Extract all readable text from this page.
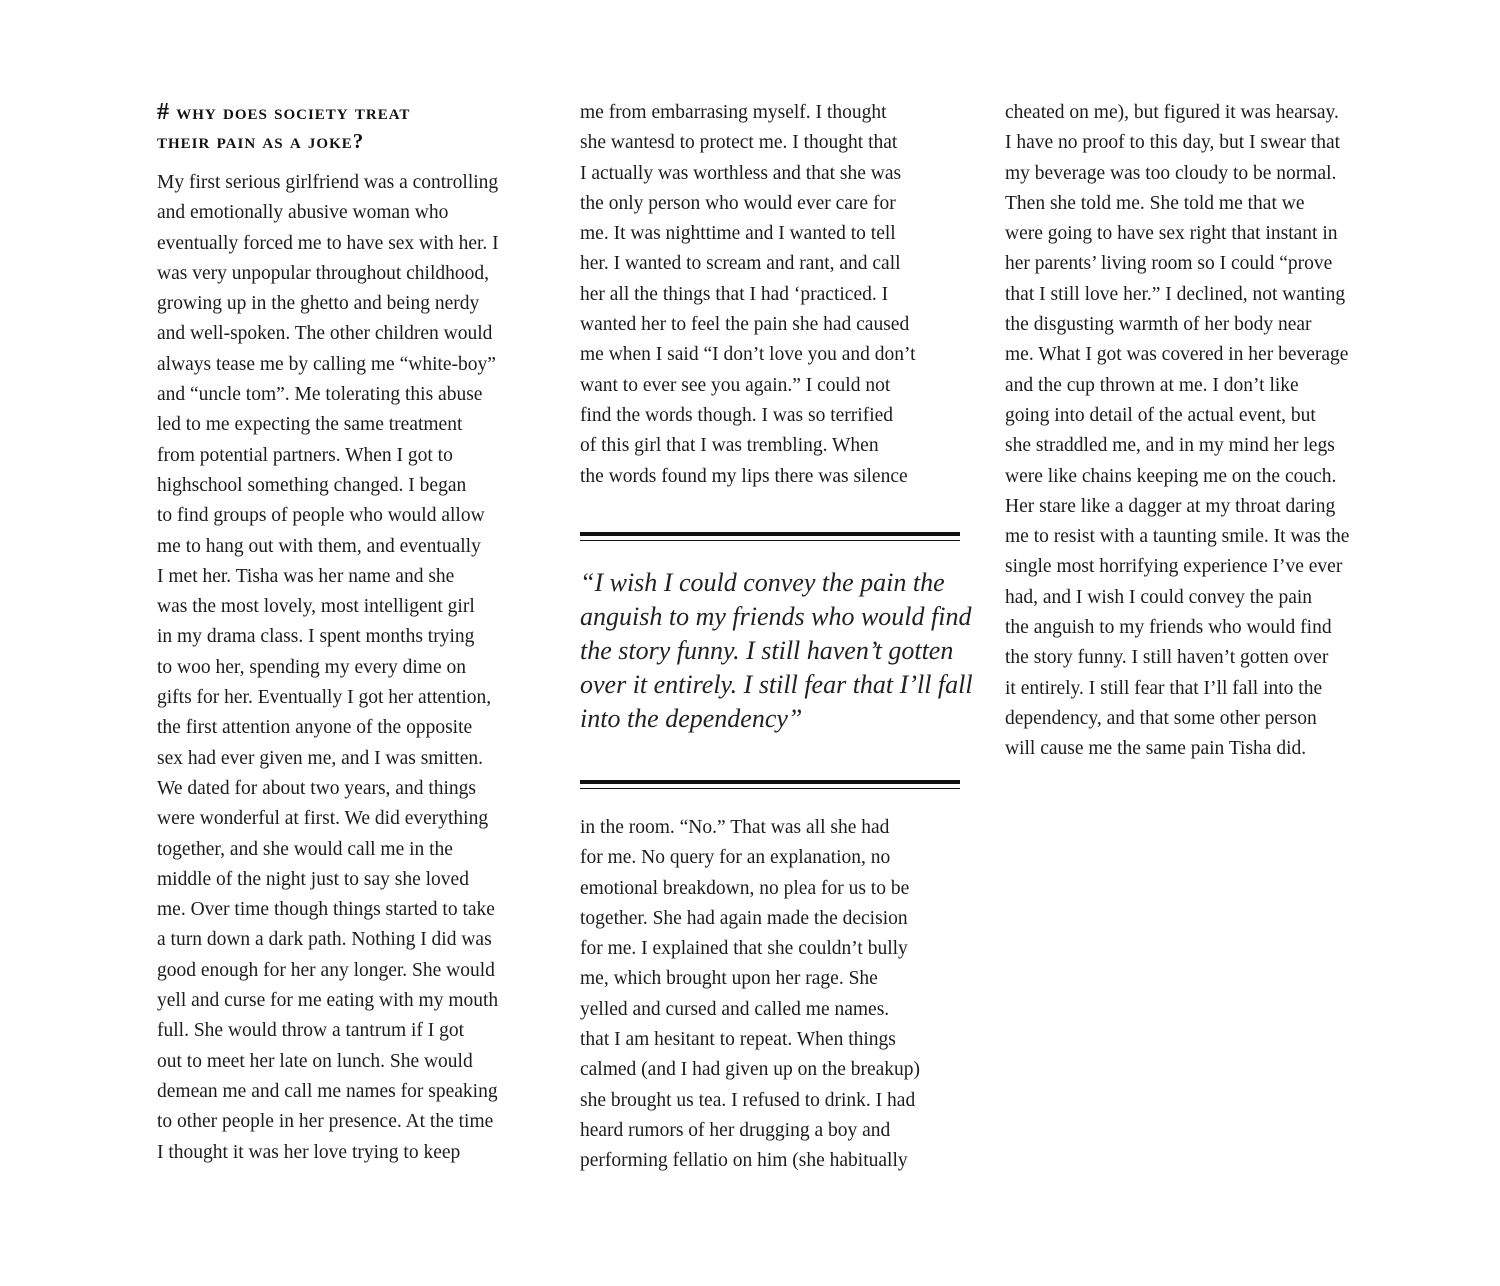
# why does society treat
their pain as a joke?
My first serious girlfriend was a controlling
and emotionally abusive woman who
eventually forced me to have sex with her. I
was very unpopular throughout childhood,
growing up in the ghetto and being nerdy
and well-spoken. The other children would
always tease me by calling me “white-boy”
and “uncle tom”. Me tolerating this abuse
led to me expecting the same treatment
from potential partners. When I got to
highschool something changed. I began
to find groups of people who would allow
me to hang out with them, and eventually
I met her. Tisha was her name and she
was the most lovely, most intelligent girl
in my drama class. I spent months trying
to woo her, spending my every dime on
gifts for her. Eventually I got her attention,
the first attention anyone of the opposite
sex had ever given me, and I was smitten.
We dated for about two years, and things
were wonderful at first. We did everything
together, and she would call me in the
middle of the night just to say she loved
me. Over time though things started to take
a turn down a dark path. Nothing I did was
good enough for her any longer. She would
yell and curse for me eating with my mouth
full. She would throw a tantrum if I got
out to meet her late on lunch. She would
demean me and call me names for speaking
to other people in her presence. At the time
I thought it was her love trying to keep
me from embarrasing myself. I thought
she wantesd to protect me. I thought that
I actually was worthless and that she was
the only person who would ever care for
me. It was nighttime and I wanted to tell
her. I wanted to scream and rant, and call
her all the things that I had ‘practiced. I
wanted her to feel the pain she had caused
me when I said “I don’t love you and don’t
want to ever see you again.” I could not
find the words though. I was so terrified
of this girl that I was trembling. When
the words found my lips there was silence
“I wish I could convey the pain the
anguish to my friends who would find
the story funny. I still haven’t gotten
over it entirely. I still fear that I’ll fall
into the dependency”
in the room. “No.” That was all she had
for me. No query for an explanation, no
emotional breakdown, no plea for us to be
together. She had again made the decision
for me. I explained that she couldn’t bully
me, which brought upon her rage. She
yelled and cursed and called me names.
that I am hesitant to repeat. When things
calmed (and I had given up on the breakup)
she brought us tea. I refused to drink. I had
heard rumors of her drugging a boy and
performing fellatio on him (she habitually
cheated on me), but figured it was hearsay.
I have no proof to this day, but I swear that
my beverage was too cloudy to be normal.
Then she told me. She told me that we
were going to have sex right that instant in
her parents’ living room so I could “prove
that I still love her.” I declined, not wanting
the disgusting warmth of her body near
me. What I got was covered in her beverage
and the cup thrown at me. I don’t like
going into detail of the actual event, but
she straddled me, and in my mind her legs
were like chains keeping me on the couch.
Her stare like a dagger at my throat daring
me to resist with a taunting smile. It was the
single most horrifying experience I’ve ever
had, and I wish I could convey the pain
the anguish to my friends who would find
the story funny. I still haven’t gotten over
it entirely. I still fear that I’ll fall into the
dependency, and that some other person
will cause me the same pain Tisha did.
